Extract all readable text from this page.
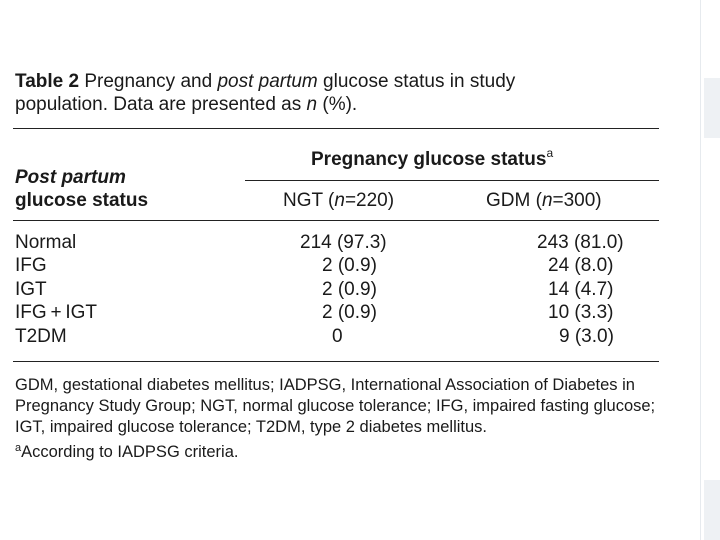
Table 2 Pregnancy and post partum glucose status in study
population. Data are presented as n (%).
Post partum
glucose status
Pregnancy glucose status$^a$
NGT (n=220)	GDM (n=300)
Normal	214 (97.3)	243 (81.0)
IFG	2 (0.9)	24 (8.0)
IGT	2 (0.9)	14 (4.7)
IFG + IGT	2 (0.9)	10 (3.3)
T2DM	0	9 (3.0)
GDM, gestational diabetes mellitus; IADPSG, International Association of Diabetes in Pregnancy Study Group; NGT, normal glucose tolerance; IFG, impaired fasting glucose; IGT, impaired glucose tolerance; T2DM, type 2 diabetes mellitus.
$^a$According to IADPSG criteria.
